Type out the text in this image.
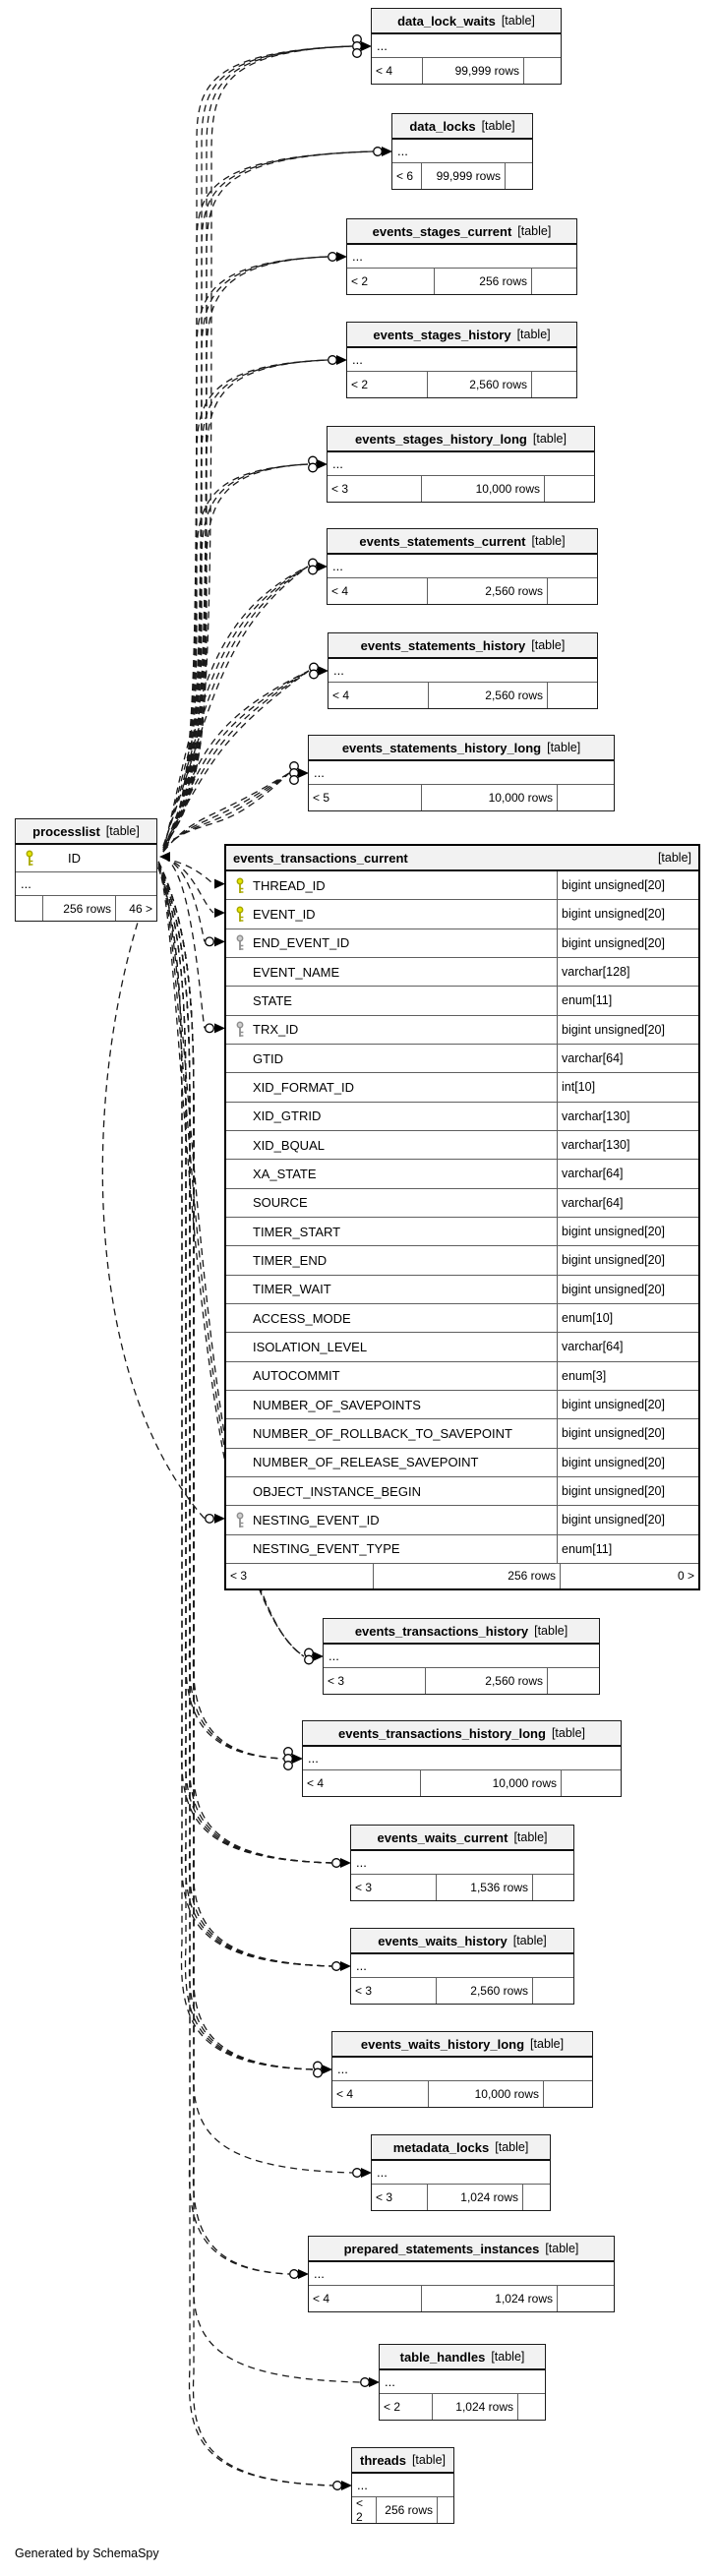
Generated by SchemaSpy
data_lock_waits [table]
...
< 4	99,999 rows
data_locks [table]
...
< 6	99,999 rows
events_stages_current [table]
...
< 2	256 rows
events_stages_history [table]
...
< 2	2,560 rows
events_stages_history_long [table]
...
< 3	10,000 rows
events_statements_current [table]
...
< 4	2,560 rows
events_statements_history [table]
...
< 4	2,560 rows
events_statements_history_long [table]
...
< 5	10,000 rows
events_transactions_history [table]
...
< 3	2,560 rows
events_transactions_history_long [table]
...
< 4	10,000 rows
events_waits_current [table]
...
< 3	1,536 rows
events_waits_history [table]
...
< 3	2,560 rows
events_waits_history_long [table]
...
< 4	10,000 rows
metadata_locks [table]
...
< 3	1,024 rows
prepared_statements_instances [table]
...
< 4	1,024 rows
table_handles [table]
...
< 2	1,024 rows
threads [table]
...
< 2	256 rows
processlist [table]
ID
...
256 rows	46 >
events_transactions_current	[table]
THREAD_ID	bigint unsigned[20]
EVENT_ID	bigint unsigned[20]
END_EVENT_ID	bigint unsigned[20]
EVENT_NAME	varchar[128]
STATE	enum[11]
TRX_ID	bigint unsigned[20]
GTID	varchar[64]
XID_FORMAT_ID	int[10]
XID_GTRID	varchar[130]
XID_BQUAL	varchar[130]
XA_STATE	varchar[64]
SOURCE	varchar[64]
TIMER_START	bigint unsigned[20]
TIMER_END	bigint unsigned[20]
TIMER_WAIT	bigint unsigned[20]
ACCESS_MODE	enum[10]
ISOLATION_LEVEL	varchar[64]
AUTOCOMMIT	enum[3]
NUMBER_OF_SAVEPOINTS	bigint unsigned[20]
NUMBER_OF_ROLLBACK_TO_SAVEPOINT	bigint unsigned[20]
NUMBER_OF_RELEASE_SAVEPOINT	bigint unsigned[20]
OBJECT_INSTANCE_BEGIN	bigint unsigned[20]
NESTING_EVENT_ID	bigint unsigned[20]
NESTING_EVENT_TYPE	enum[11]
< 3	256 rows	0 >
